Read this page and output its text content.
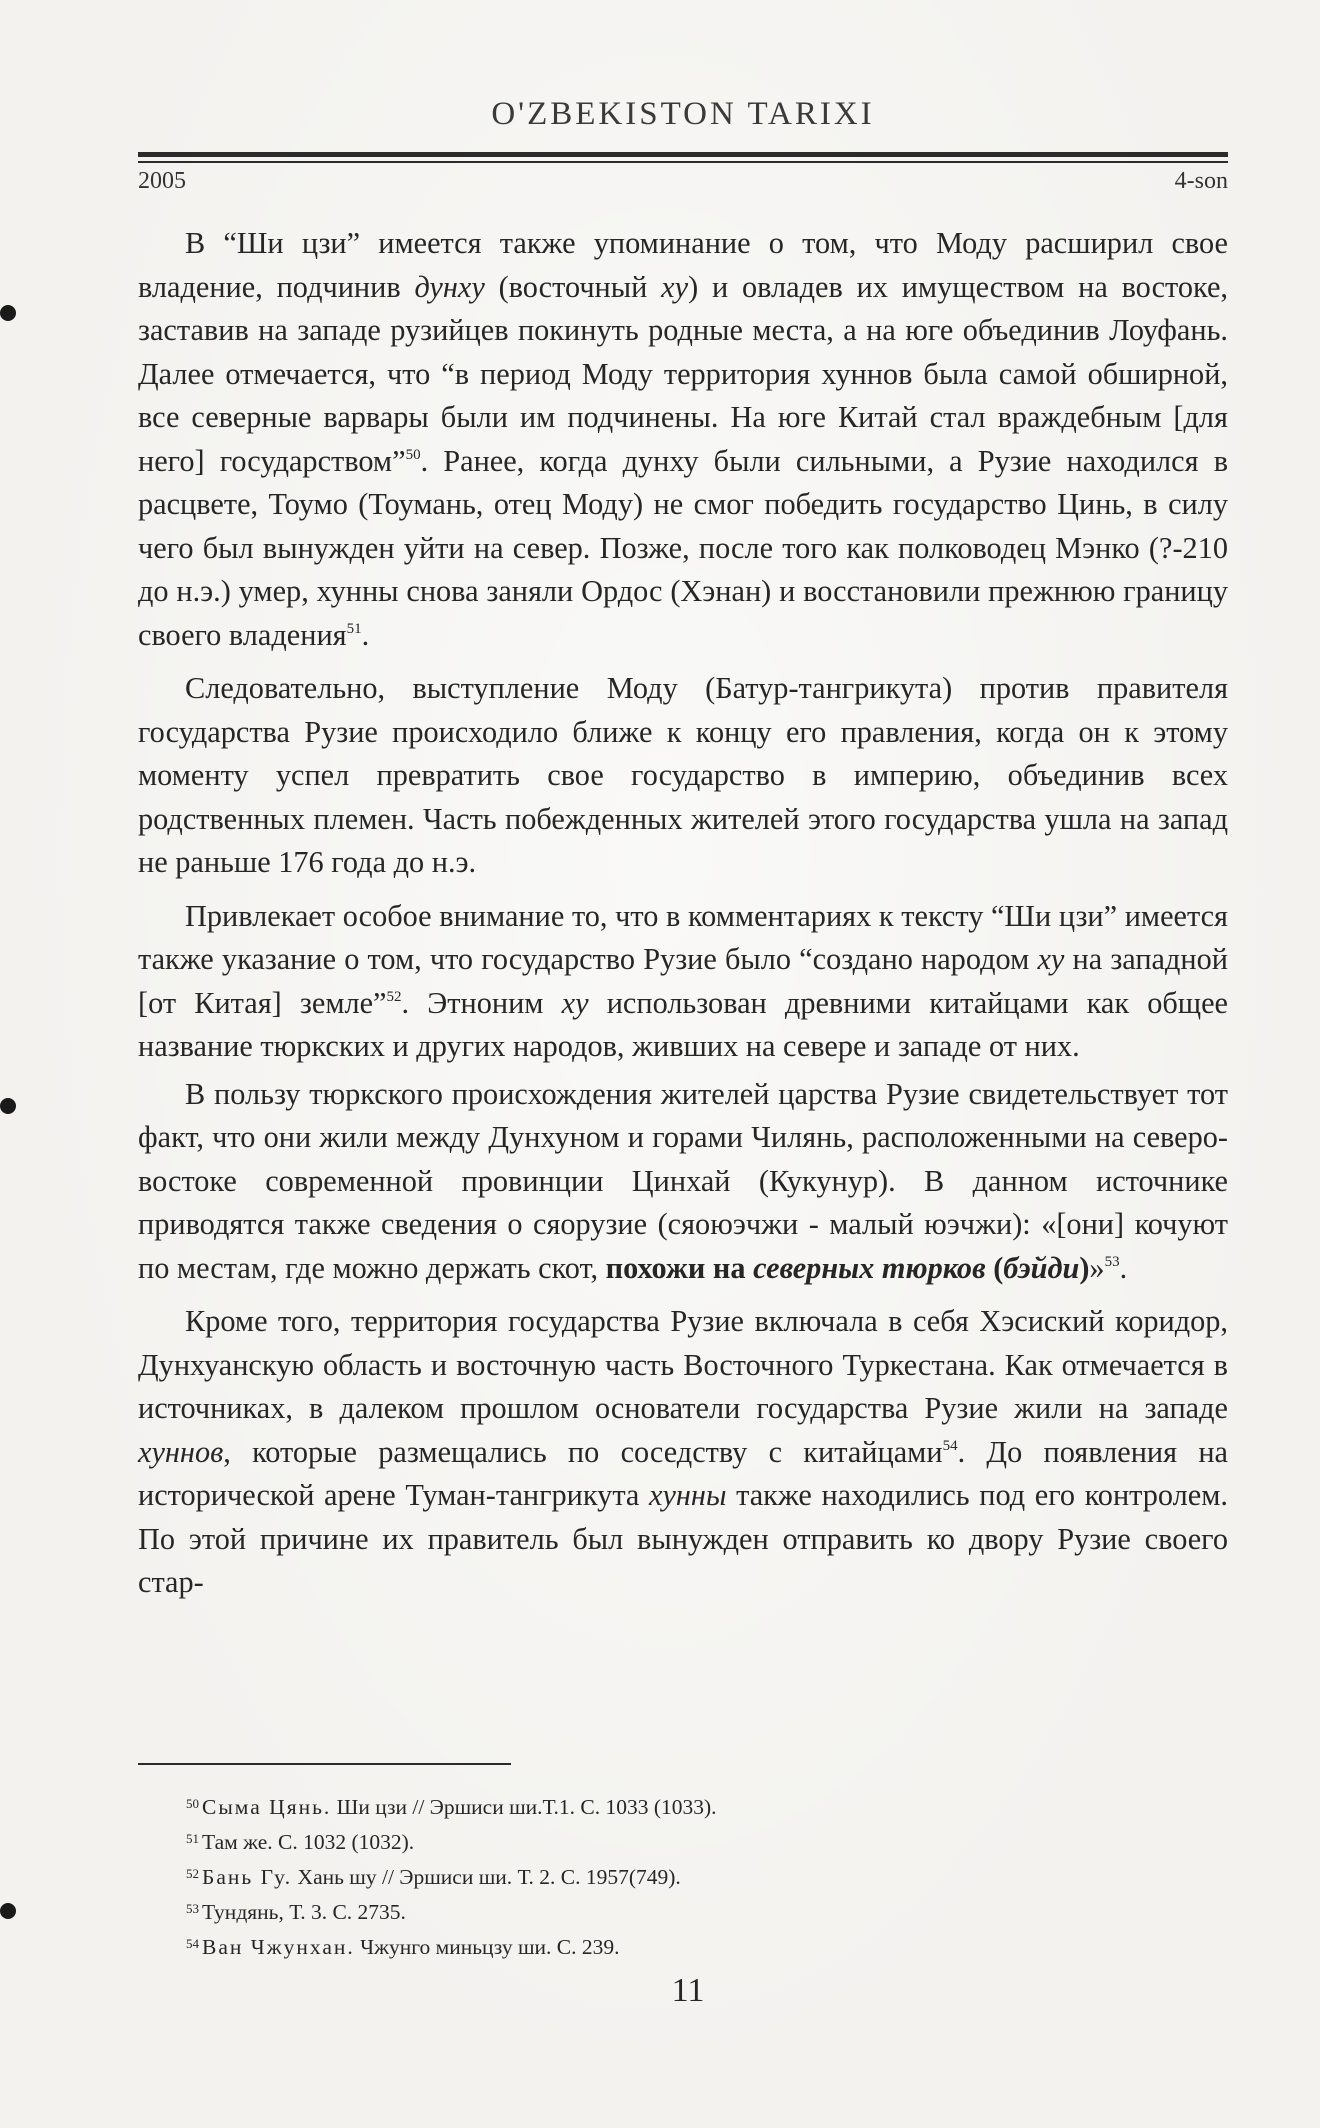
O'ZBEKISTON TARIXI
2005	4-son

В “Ши цзи” имеется также упоминание о том, что Моду расширил свое владение, подчинив дунху (восточный ху) и овладев их имуществом на востоке, заставив на западе рузийцев покинуть родные места, а на юге объединив Лоуфань. Далее отмечается, что “в период Моду территория хуннов была самой обширной, все северные варвары были им подчинены. На юге Китай стал враждебным [для него] государством”$^{50}$. Ранее, когда дунху были сильными, а Рузие находился в расцвете, Тоумо (Тоумань, отец Моду) не смог победить государство Цинь, в силу чего был вынужден уйти на север. Позже, после того как полководец Мэнко (?-210 до н.э.) умер, хунны снова заняли Ордос (Хэнан) и восстановили прежнюю границу своего владения$^{51}$.

Следовательно, выступление Моду (Батур-тангрикута) против правителя государства Рузие происходило ближе к концу его правления, когда он к этому моменту успел превратить свое государство в империю, объединив всех родственных племен. Часть побежденных жителей этого государства ушла на запад не раньше 176 года до н.э.

Привлекает особое внимание то, что в комментариях к тексту “Ши цзи” имеется также указание о том, что государство Рузие было “создано народом ху на западной [от Китая] земле”$^{52}$. Этноним ху использован древними китайцами как общее название тюркских и других народов, живших на севере и западе от них.

В пользу тюркского происхождения жителей царства Рузие свидетельствует тот факт, что они жили между Дунхуном и горами Чилянь, расположенными на северо-востоке современной провинции Цинхай (Кукунур). В данном источнике приводятся также сведения о сяорузие (сяоюэчжи - малый юэчжи): «[они] кочуют по местам, где можно держать скот, похожи на северных тюрков (бэйди)»$^{53}$.

Кроме того, территория государства Рузие включала в себя Хэсиский коридор, Дунхуанскую область и восточную часть Восточного Туркестана. Как отмечается в источниках, в далеком прошлом основатели государства Рузие жили на западе хуннов, которые размещались по соседству с китайцами$^{54}$. До появления на исторической арене Туман-тангрикута хунны также находились под его контролем. По этой причине их правитель был вынужден отправить ко двору Рузие своего стар-

$^{50}$ Сыма Цянь. Ши цзи // Эршиси ши.Т.1. С. 1033 (1033).
$^{51}$ Там же. С. 1032 (1032).
$^{52}$ Бань Гу. Хань шу // Эршиси ши. Т. 2. С. 1957(749).
$^{53}$ Тундянь, Т. 3. С. 2735.
$^{54}$ Ван Чжунхан. Чжунго миньцзу ши. С. 239.
11
